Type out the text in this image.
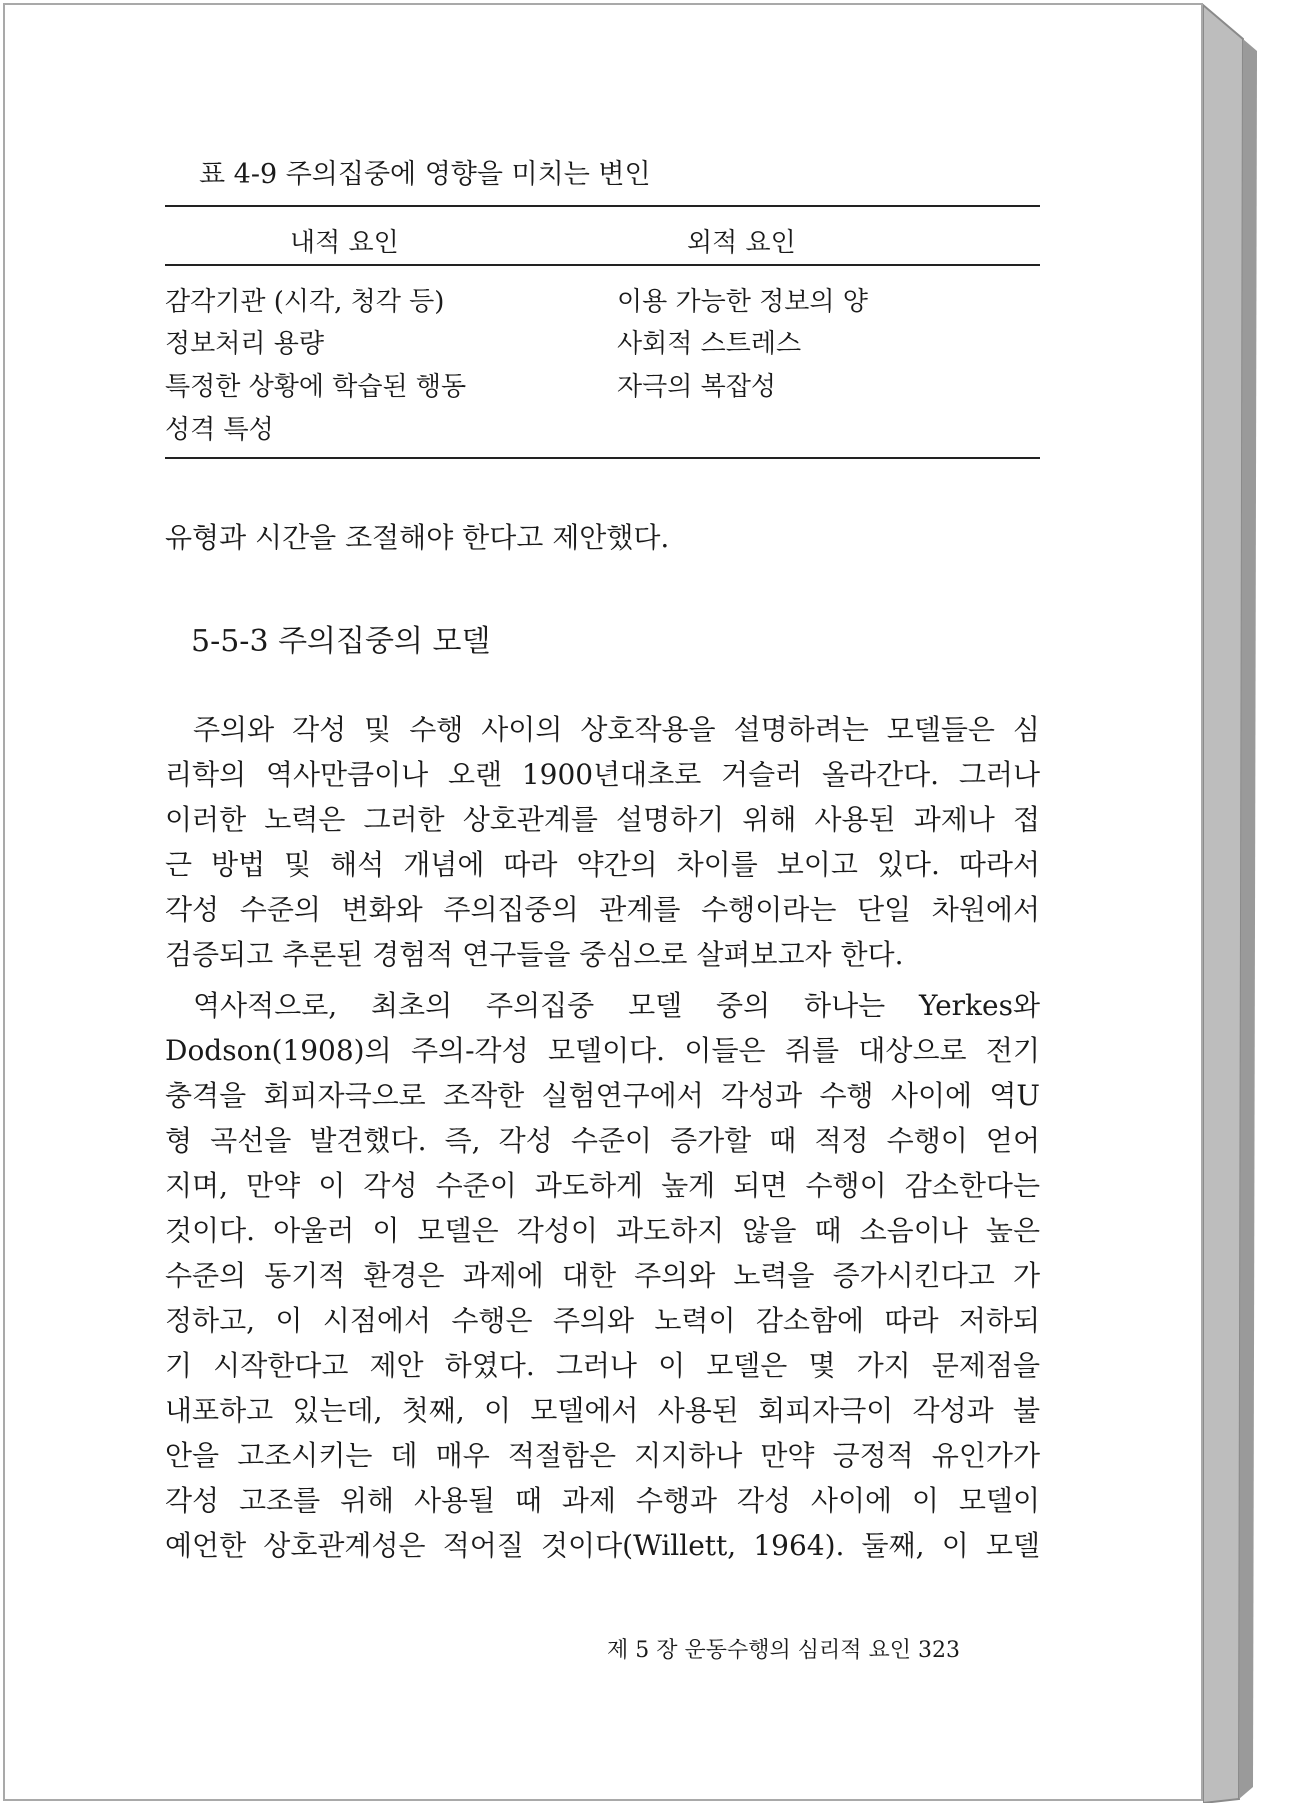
표 4-9 주의집중에 영향을 미치는 변인
내적 요인	외적 요인
감각기관 (시각, 청각 등)
정보처리 용량
특정한 상황에 학습된 행동
성격 특성
이용 가능한 정보의 양
사회적 스트레스
자극의 복잡성
유형과 시간을 조절해야 한다고 제안했다.
5-5-3 주의집중의 모델
주의와 각성 및 수행 사이의 상호작용을 설명하려는 모델들은 심
리학의 역사만큼이나 오랜 1900년대초로 거슬러 올라간다. 그러나
이러한 노력은 그러한 상호관계를 설명하기 위해 사용된 과제나 접
근 방법 및 해석 개념에 따라 약간의 차이를 보이고 있다. 따라서
각성 수준의 변화와 주의집중의 관계를 수행이라는 단일 차원에서
검증되고 추론된 경험적 연구들을 중심으로 살펴보고자 한다.
역사적으로, 최초의 주의집중 모델 중의 하나는 Yerkes와
Dodson(1908)의 주의-각성 모델이다. 이들은 쥐를 대상으로 전기
충격을 회피자극으로 조작한 실험연구에서 각성과 수행 사이에 역U
형 곡선을 발견했다. 즉, 각성 수준이 증가할 때 적정 수행이 얻어
지며, 만약 이 각성 수준이 과도하게 높게 되면 수행이 감소한다는
것이다. 아울러 이 모델은 각성이 과도하지 않을 때 소음이나 높은
수준의 동기적 환경은 과제에 대한 주의와 노력을 증가시킨다고 가
정하고, 이 시점에서 수행은 주의와 노력이 감소함에 따라 저하되
기 시작한다고 제안 하였다. 그러나 이 모델은 몇 가지 문제점을
내포하고 있는데, 첫째, 이 모델에서 사용된 회피자극이 각성과 불
안을 고조시키는 데 매우 적절함은 지지하나 만약 긍정적 유인가가
각성 고조를 위해 사용될 때 과제 수행과 각성 사이에 이 모델이
예언한 상호관계성은 적어질 것이다(Willett, 1964). 둘째, 이 모델
제 5 장 운동수행의 심리적 요인 323
